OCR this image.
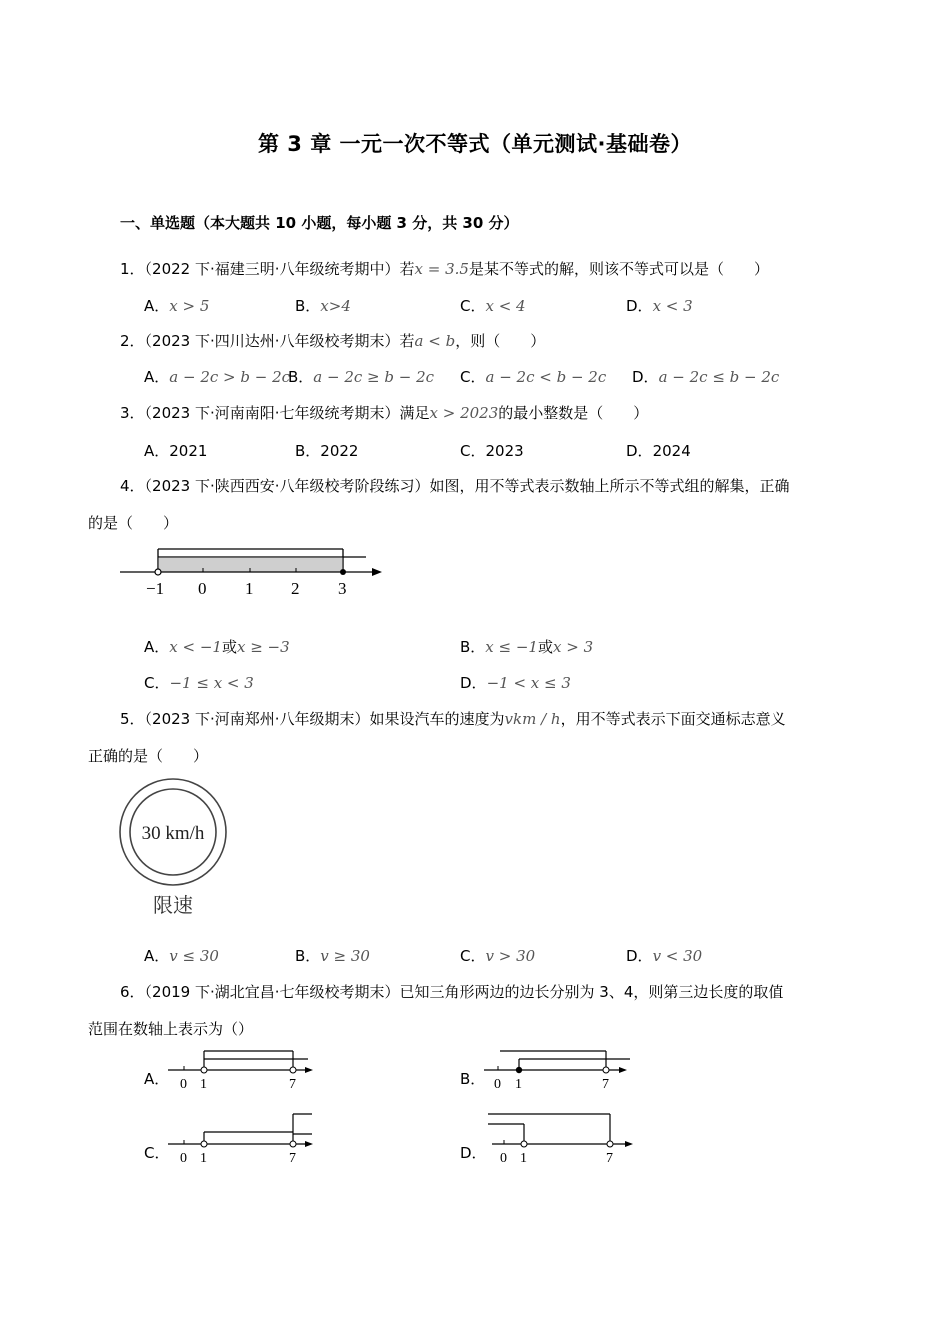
第 3 章 一元一次不等式（单元测试·基础卷）
一、单选题（本大题共 10 小题，每小题 3 分，共 30 分）
1．（2022 下·福建三明·八年级统考期中）若x = 3.5是某不等式的解，则该不等式可以是（　　）
A．x > 5	B．x>4	C．x < 4	D．x < 3
2．（2023 下·四川达州·八年级校考期末）若a < b，则（　　）
A．a − 2c > b − 2c
B．a − 2c ≥ b − 2c C．a − 2c < b − 2c D．a − 2c ≤ b − 2c
3．（2023 下·河南南阳·七年级统考期末）满足x > 2023的最小整数是（　　）
A．2021	B．2022	C．2023	D．2024
4．（2023 下·陕西西安·八年级校考阶段练习）如图，用不等式表示数轴上所示不等式组的解集，正确
的是（　　）
−1 0 1 2 3
A．x < −1或x ≥ −3	B．x ≤ −1或x > 3
C．−1 ≤ x < 3	D．−1 < x ≤ 3
5．（2023 下·河南郑州·八年级期末）如果设汽车的速度为vkm / h，用不等式表示下面交通标志意义
正确的是（　　）
30 km/h
限速
A．v ≤ 30	B．v ≥ 30	C．v > 30	D．v < 30
6．（2019 下·湖北宜昌·七年级校考期末）已知三角形两边的边长分别为 3、4，则第三边长度的取值
范围在数轴上表示为（）
A． 0 1	7	B． 0 1	7
C． 0 1	7	D． 0 1	7
